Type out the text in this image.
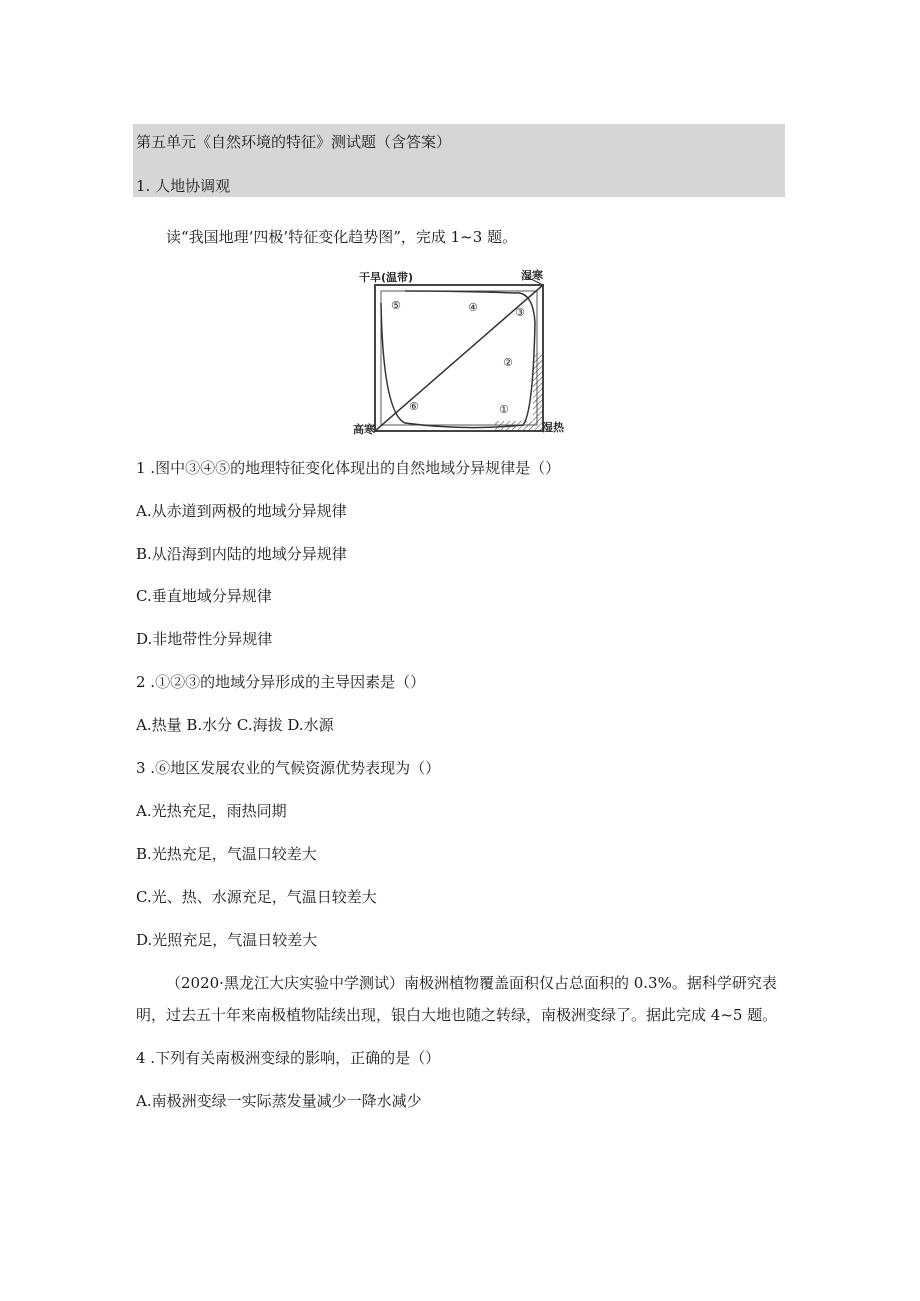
第五单元《自然环境的特征》测试题（含答案）
1. 人地协调观
读“我国地理‘四极’特征变化趋势图”，完成 1~3 题。
干旱(温带)	湿寒
高寒	湿热
①
②
③
④
⑤
⑥
1 .图中③④⑤的地理特征变化体现出的自然地域分异规律是（）
A.从赤道到两极的地域分异规律
B.从沿海到内陆的地域分异规律
C.垂直地域分异规律
D.非地带性分异规律
2 .①②③的地域分异形成的主导因素是（）
A.热量 B.水分 C.海拔 D.水源
3 .⑥地区发展农业的气候资源优势表现为（）
A.光热充足，雨热同期
B.光热充足，气温口较差大
C.光、热、水源充足，气温日较差大
D.光照充足，气温日较差大
（2020·黑龙江大庆实验中学测试）南极洲植物覆盖面积仅占总面积的 0.3%。据科学研究表
明，过去五十年来南极植物陆续出现，银白大地也随之转绿，南极洲变绿了。据此完成 4~5 题。
4 .下列有关南极洲变绿的影响，正确的是（）
A.南极洲变绿一实际蒸发量减少一降水减少
